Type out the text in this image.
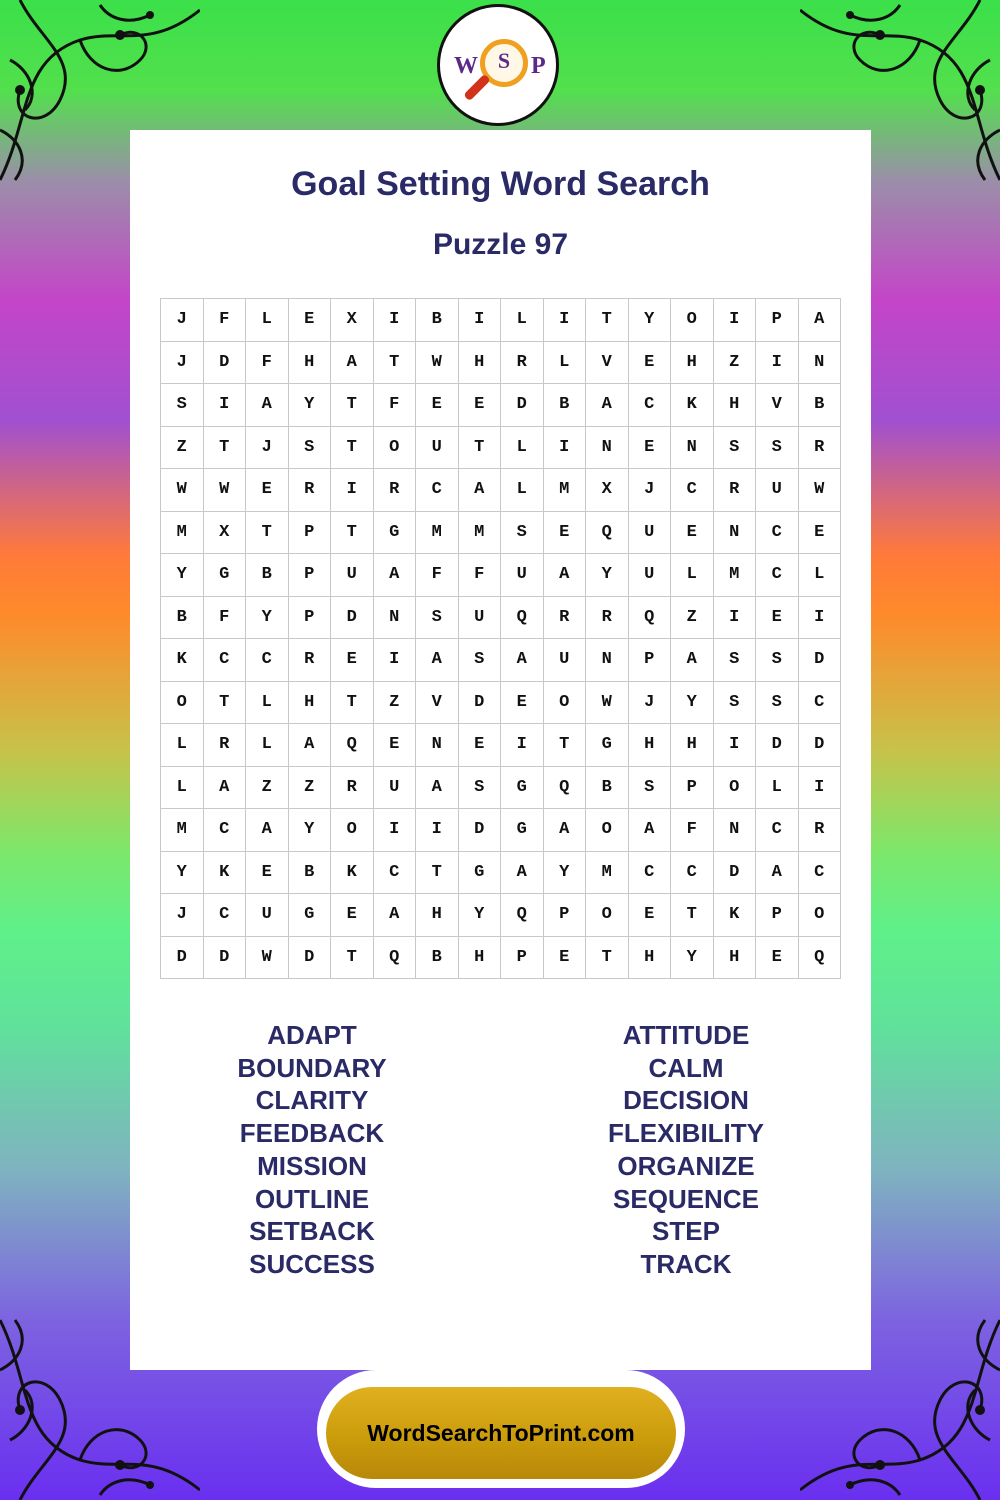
W S P
Goal Setting Word Search
Puzzle 97
J	F	L	E	X	I	B	I	L	I	T	Y	O	I	P	A
J	D	F	H	A	T	W	H	R	L	V	E	H	Z	I	N
S	I	A	Y	T	F	E	E	D	B	A	C	K	H	V	B
Z	T	J	S	T	O	U	T	L	I	N	E	N	S	S	R
W	W	E	R	I	R	C	A	L	M	X	J	C	R	U	W
M	X	T	P	T	G	M	M	S	E	Q	U	E	N	C	E
Y	G	B	P	U	A	F	F	U	A	Y	U	L	M	C	L
B	F	Y	P	D	N	S	U	Q	R	R	Q	Z	I	E	I
K	C	C	R	E	I	A	S	A	U	N	P	A	S	S	D
O	T	L	H	T	Z	V	D	E	O	W	J	Y	S	S	C
L	R	L	A	Q	E	N	E	I	T	G	H	H	I	D	D
L	A	Z	Z	R	U	A	S	G	Q	B	S	P	O	L	I
M	C	A	Y	O	I	I	D	G	A	O	A	F	N	C	R
Y	K	E	B	K	C	T	G	A	Y	M	C	C	D	A	C
J	C	U	G	E	A	H	Y	Q	P	O	E	T	K	P	O
D	D	W	D	T	Q	B	H	P	E	T	H	Y	H	E	Q
ADAPT
BOUNDARY
CLARITY
FEEDBACK
MISSION
OUTLINE
SETBACK
SUCCESS
ATTITUDE
CALM
DECISION
FLEXIBILITY
ORGANIZE
SEQUENCE
STEP
TRACK
WordSearchToPrint.com
